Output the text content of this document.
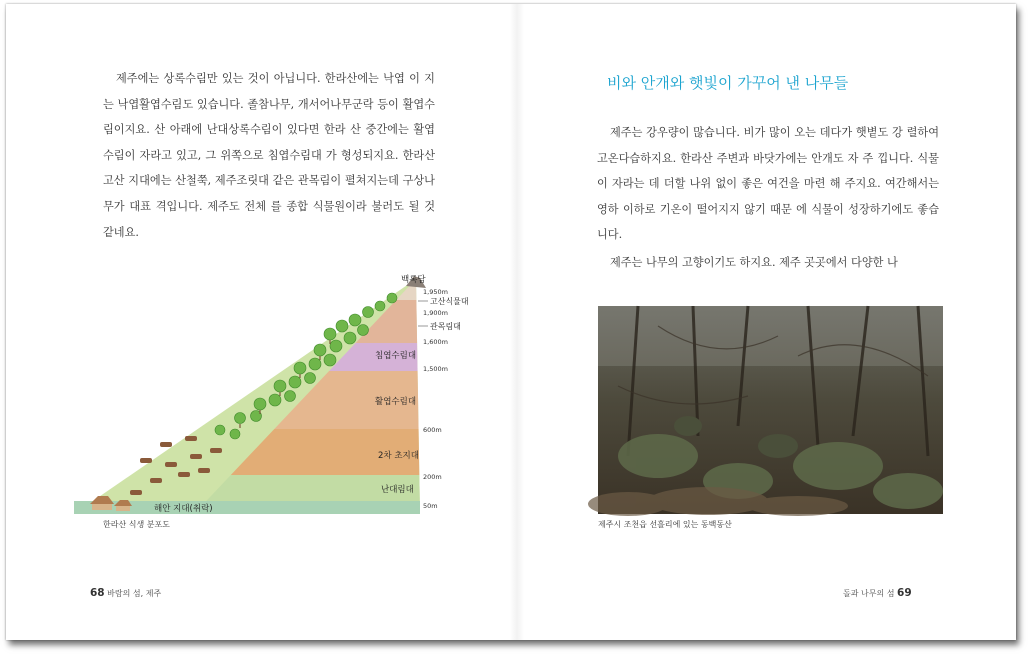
제주에는 상록수림만 있는 것이 아닙니다. 한라산에는 낙엽 이 지는 낙엽활엽수림도 있습니다. 졸참나무, 개서어나무군락 등이 활엽수림이지요. 산 아래에 난대상록수림이 있다면 한라 산 중간에는 활엽수림이 자라고 있고, 그 위쪽으로 침엽수림대 가 형성되지요. 한라산 고산 지대에는 산철쭉, 제주조릿대 같은 관목림이 펼쳐지는데 구상나무가 대표 격입니다. 제주도 전체 를 종합 식물원이라 불러도 될 것 같네요.
백록담
고산식물대
관목림대
침엽수림대
활엽수림대
2차 초지대
난대림대
해안 지대(취락)
1,950m
1,900m
1,600m
1,500m
600m
200m
50m
한라산 식생 분포도
68 바람의 섬, 제주
비와 안개와 햇빛이 가꾸어 낸 나무들
제주는 강우량이 많습니다. 비가 많이 오는 데다가 햇볕도 강 렬하여 고온다습하지요. 한라산 주변과 바닷가에는 안개도 자 주 낍니다. 식물이 자라는 데 더할 나위 없이 좋은 여건을 마련 해 주지요. 여간해서는 영하 이하로 기온이 떨어지지 않기 때문 에 식물이 성장하기에도 좋습니다.
제주는 나무의 고향이기도 하지요. 제주 곳곳에서 다양한 나
제주시 조천읍 선흘리에 있는 동백동산
돌과 나무의 섬 69
